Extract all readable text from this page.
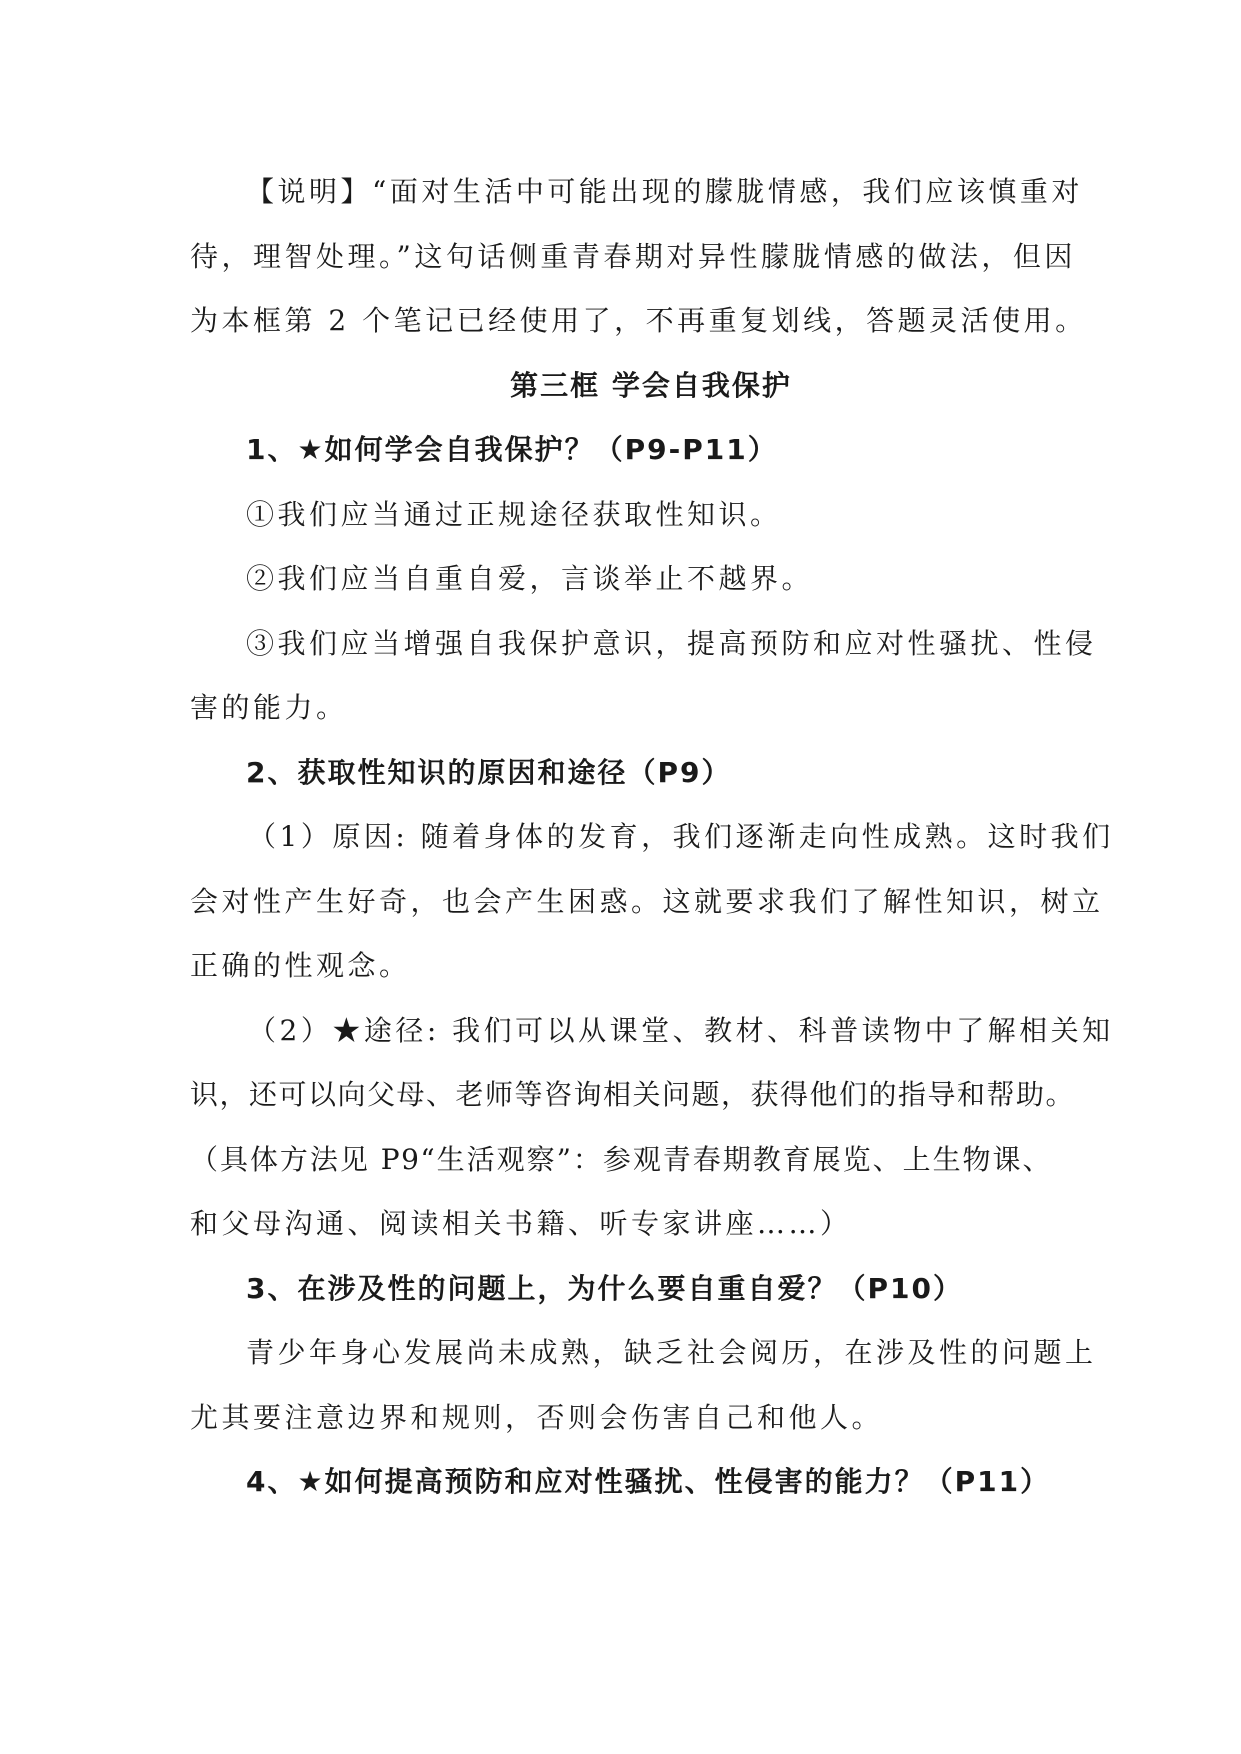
【说明】“面对生活中可能出现的朦胧情感，我们应该慎重对
待，理智处理。”这句话侧重青春期对异性朦胧情感的做法，但因
为本框第 2 个笔记已经使用了，不再重复划线，答题灵活使用。
第三框 学会自我保护
1、★如何学会自我保护？（P9-P11）
①我们应当通过正规途径获取性知识。
②我们应当自重自爱，言谈举止不越界。
③我们应当增强自我保护意识，提高预防和应对性骚扰、性侵
害的能力。
2、获取性知识的原因和途径（P9）
（1）原因: 随着身体的发育，我们逐渐走向性成熟。这时我们
会对性产生好奇，也会产生困惑。这就要求我们了解性知识，树立
正确的性观念。
（2）★途径: 我们可以从课堂、教材、科普读物中了解相关知
识，还可以向父母、老师等咨询相关问题，获得他们的指导和帮助。
（具体方法见 P9“生活观察”：参观青春期教育展览、上生物课、
和父母沟通、阅读相关书籍、听专家讲座……）
3、在涉及性的问题上，为什么要自重自爱？（P10）
青少年身心发展尚未成熟，缺乏社会阅历，在涉及性的问题上
尤其要注意边界和规则，否则会伤害自己和他人。
4、★如何提高预防和应对性骚扰、性侵害的能力？（P11）
